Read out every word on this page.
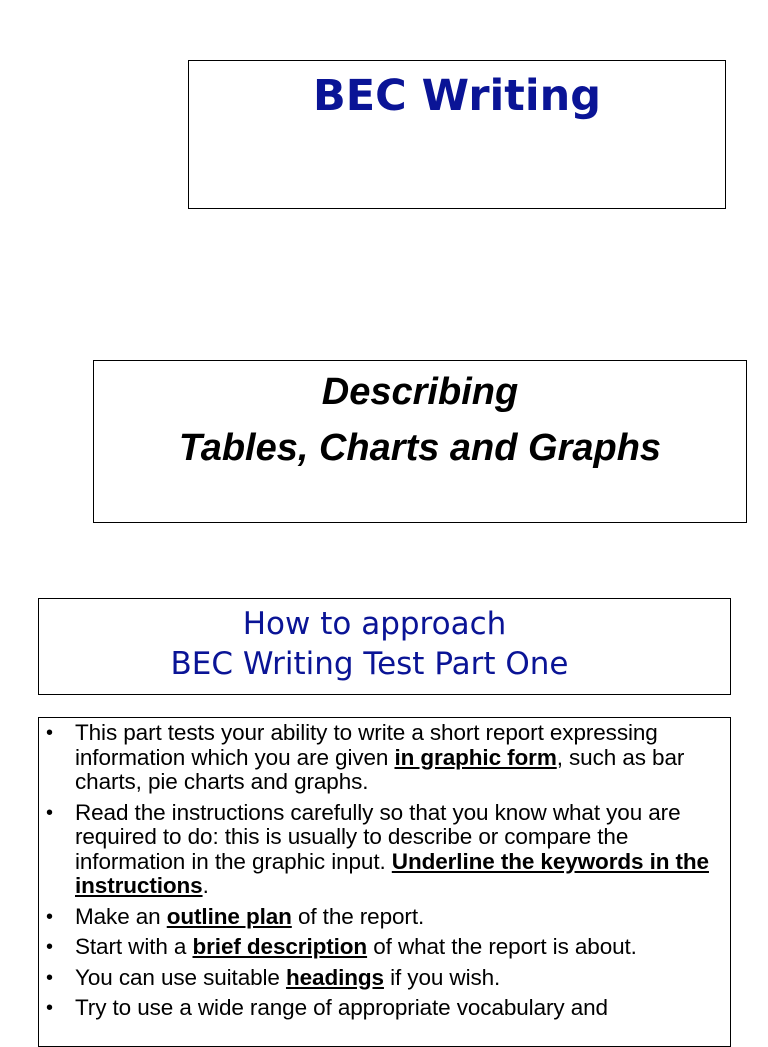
BEC Writing
Describing
Tables, Charts and Graphs
How to approach
BEC Writing Test Part One
• This part tests your ability to write a short report expressing information which you are given in graphic form, such as bar charts, pie charts and graphs.
• Read the instructions carefully so that you know what you are required to do: this is usually to describe or compare the information in the graphic input. Underline the keywords in the instructions.
• Make an outline plan of the report.
• Start with a brief description of what the report is about.
• You can use suitable headings if you wish.
• Try to use a wide range of appropriate vocabulary and
